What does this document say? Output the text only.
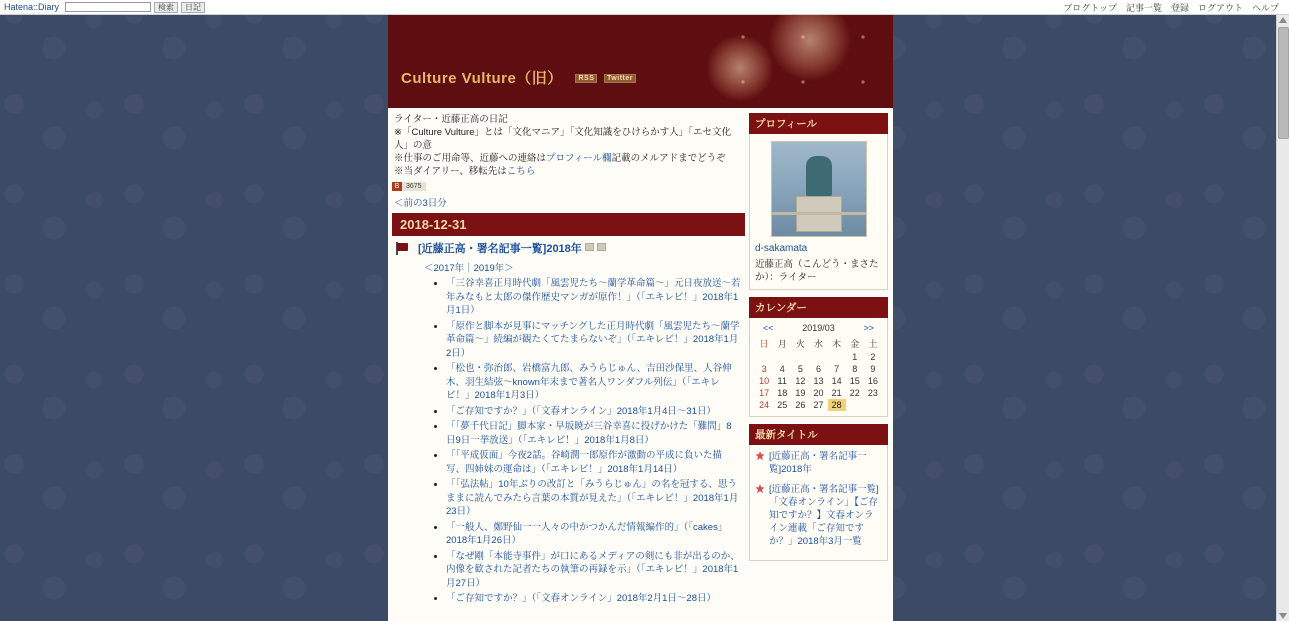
Hatena::Diary	検索	日記	ブログトップ 記事一覧 登録 ログアウト ヘルプ
Culture Vulture（旧） RSS Twitter
ライター・近藤正高の日記
※「Culture Vulture」とは「文化マニア」「文化知識をひけらかす人」「エセ文化人」の意
※仕事のご用命等、近藤への連絡はプロフィール欄記載のメルアドまでどうぞ
※当ダイアリー、移転先はこちら
B 3675
＜前の3日分
2018-12-31
[近藤正高・署名記事一覧]2018年
＜2017年｜2019年＞
• 「三谷幸喜正月時代劇「風雲児たち～蘭学革命篇～」元日夜放送～若年みなもと太郎の傑作歴史マンガが原作！」（「エキレビ！」2018年1月1日）
• 「原作と脚本が見事にマッチングした正月時代劇「風雲児たち～蘭学革命篇～」続編が観たくてたまらないぞ」（「エキレビ！」2018年1月2日）
• 「松也・弥治郎、岩橋富九郎、みうらじゅん、吉田沙保里、人谷伸木、羽生結弦～known年末まで著名人ワンダフル列伝」（「エキレビ！」2018年1月3日）
• 「ご存知ですか？」（「文春オンライン」2018年1月4日～31日）
• 「「夢千代日記」脚本家・早坂暁が三谷幸喜に投げかけた「難問」8日9日一挙放送」（「エキレビ！」2018年1月8日）
• 「「平成仮面」今夜2話。谷崎潤一郎原作が激動の平成に負いた描写、四姉妹の運命は」（「エキレビ！」2018年1月14日）
• 「「弘法帖」10年ぶりの改訂と「みうらじゅん」の名を冠する、思うままに読んでみたら言葉の本質が見えた」（「エキレビ！」2018年1月23日）
• 「一般人、鄭野仙一一人々の中かつかんだ情報編作的」（「cakes」2018年1月26日）
• 「なぜ剛「本能寺事件」が口にあるメディアの剣にも非が出るのか、内像を歓された記者たちの執筆の再録を示」（「エキレビ！」2018年1月27日）
• 「ご存知ですか？」（「文春オンライン」2018年2月1日～28日）
プロフィール
d-sakamata
近藤正高（こんどう・まさたか）：ライター
カレンダー
<<	2019/03	>>
日	月	火	水	木	金	土
					1	2
3	4	5	6	7	8	9
10	11	12	13	14	15	16
17	18	19	20	21	22	23
24	25	26	27	28		
最新タイトル
[近藤正高・署名記事一覧]2018年
[近藤正高・署名記事一覧]「文春オンライン」【ご存知ですか？】文春オンライン連載「ご存知ですか？」2018年3月一覧
